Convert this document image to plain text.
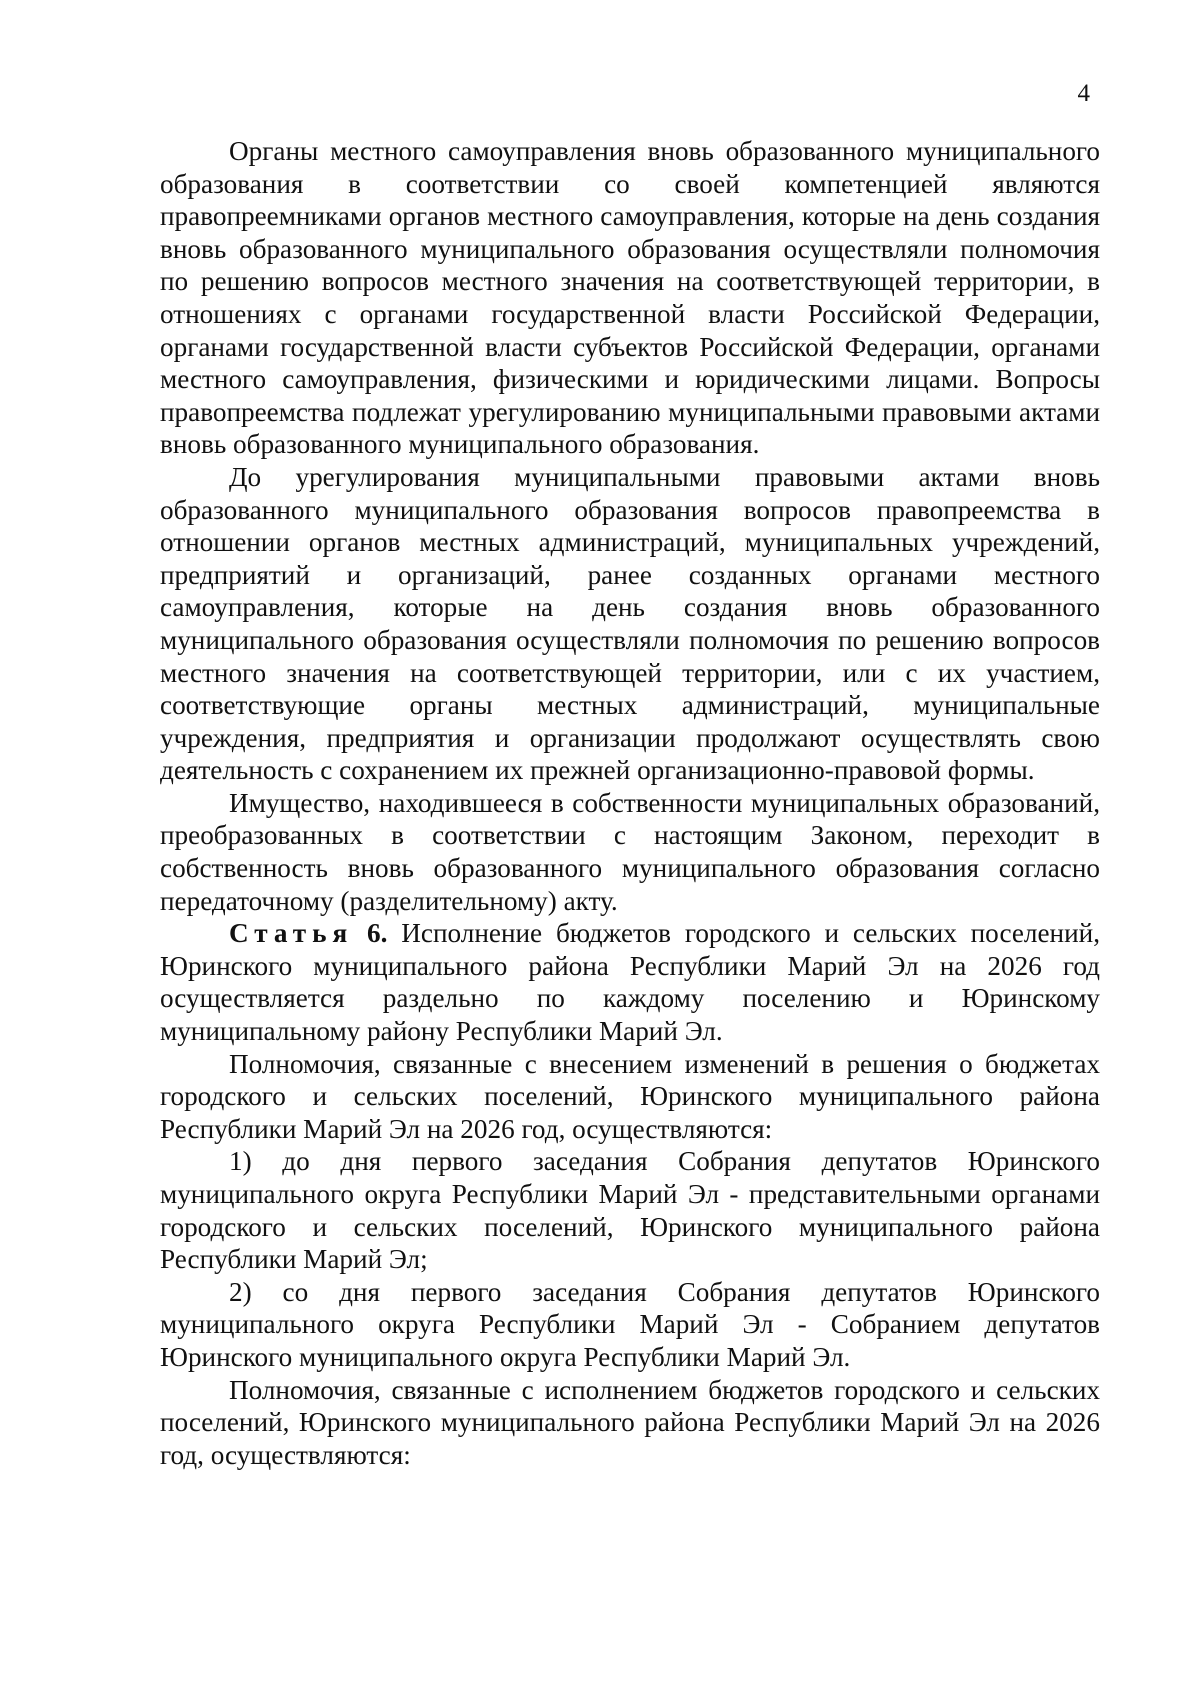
4

Органы местного самоуправления вновь образованного муниципального образования в соответствии со своей компетенцией являются правопреемниками органов местного самоуправления, которые на день создания вновь образованного муниципального образования осуществляли полномочия по решению вопросов местного значения на соответствующей территории, в отношениях с органами государственной власти Российской Федерации, органами государственной власти субъектов Российской Федерации, органами местного самоуправления, физическими и юридическими лицами. Вопросы правопреемства подлежат урегулированию муниципальными правовыми актами вновь образованного муниципального образования.

До урегулирования муниципальными правовыми актами вновь образованного муниципального образования вопросов правопреемства в отношении органов местных администраций, муниципальных учреждений, предприятий и организаций, ранее созданных органами местного самоуправления, которые на день создания вновь образованного муниципального образования осуществляли полномочия по решению вопросов местного значения на соответствующей территории, или с их участием, соответствующие органы местных администраций, муниципальные учреждения, предприятия и организации продолжают осуществлять свою деятельность с сохранением их прежней организационно-правовой формы.

Имущество, находившееся в собственности муниципальных образований, преобразованных в соответствии с настоящим Законом, переходит в собственность вновь образованного муниципального образования согласно передаточному (разделительному) акту.

Статья 6. Исполнение бюджетов городского и сельских поселений, Юринского муниципального района Республики Марий Эл на 2026 год осуществляется раздельно по каждому поселению и Юринскому муниципальному району Республики Марий Эл.

Полномочия, связанные с внесением изменений в решения о бюджетах городского и сельских поселений, Юринского муниципального района Республики Марий Эл на 2026 год, осуществляются:

1) до дня первого заседания Собрания депутатов Юринского муниципального округа Республики Марий Эл - представительными органами городского и сельских поселений, Юринского муниципального района Республики Марий Эл;

2) со дня первого заседания Собрания депутатов Юринского муниципального округа Республики Марий Эл - Собранием депутатов Юринского муниципального округа Республики Марий Эл.

Полномочия, связанные с исполнением бюджетов городского и сельских поселений, Юринского муниципального района Республики Марий Эл на 2026 год, осуществляются:
